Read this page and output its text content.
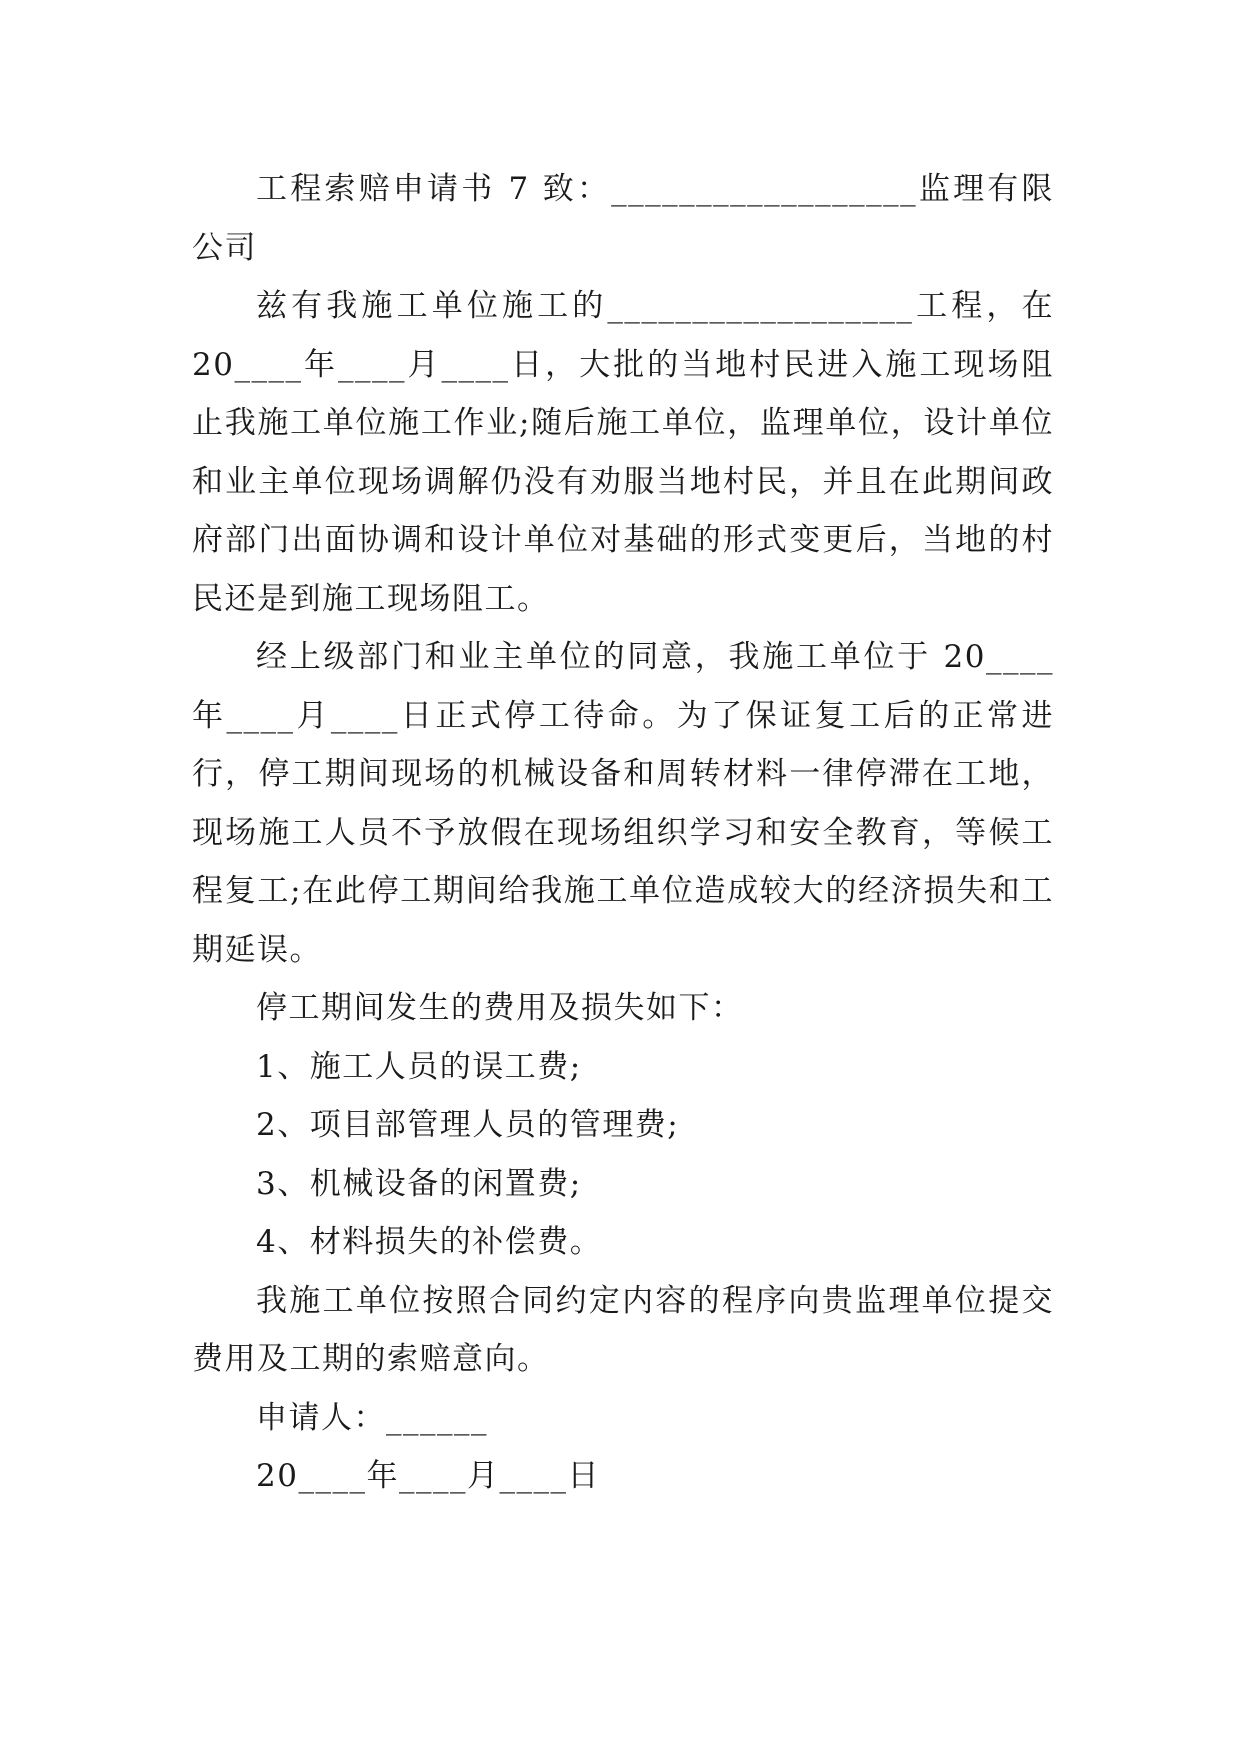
工程索赔申请书 7 致：__________________监理有限公司

兹有我施工单位施工的__________________工程，在 20____年____月____日，大批的当地村民进入施工现场阻止我施工单位施工作业;随后施工单位，监理单位，设计单位和业主单位现场调解仍没有劝服当地村民，并且在此期间政府部门出面协调和设计单位对基础的形式变更后，当地的村民还是到施工现场阻工。

经上级部门和业主单位的同意，我施工单位于 20____年____月____日正式停工待命。为了保证复工后的正常进行，停工期间现场的机械设备和周转材料一律停滞在工地，现场施工人员不予放假在现场组织学习和安全教育，等候工程复工;在此停工期间给我施工单位造成较大的经济损失和工期延误。

停工期间发生的费用及损失如下：

1、施工人员的误工费;

2、项目部管理人员的管理费;

3、机械设备的闲置费;

4、材料损失的补偿费。

我施工单位按照合同约定内容的程序向贵监理单位提交费用及工期的索赔意向。

申请人：______

20____年____月____日
